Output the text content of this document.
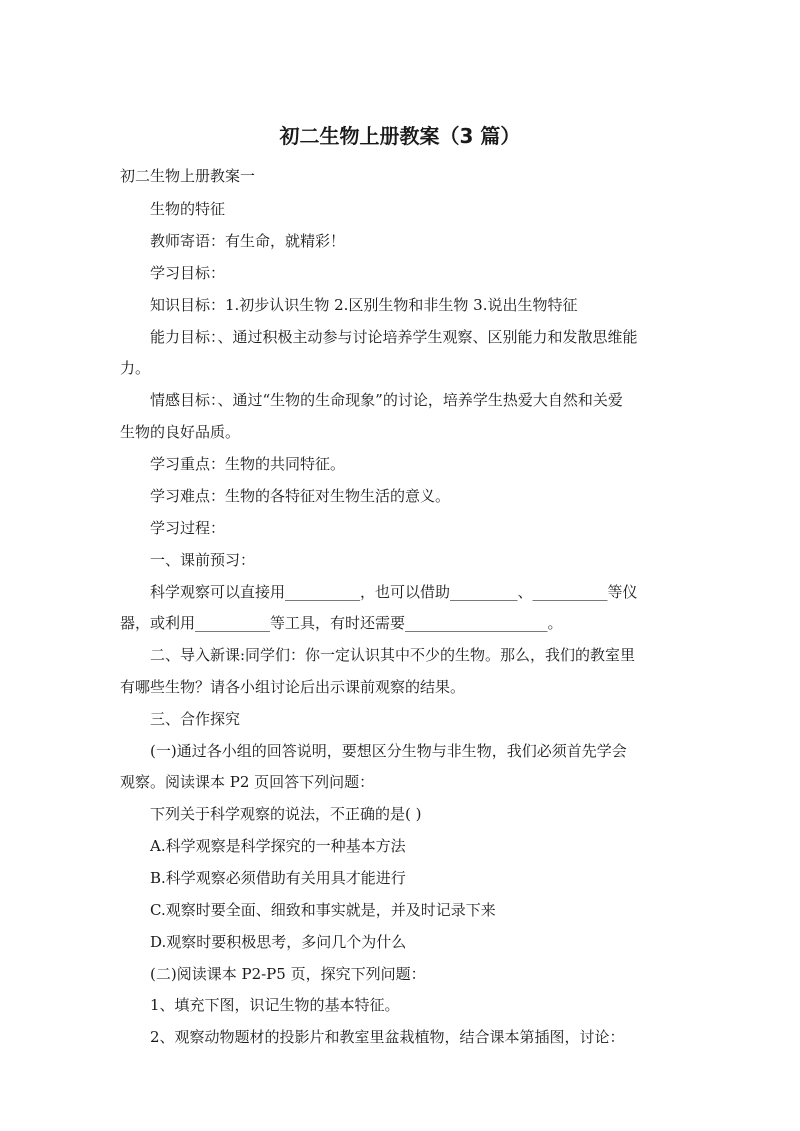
初二生物上册教案（3 篇）
初二生物上册教案一
生物的特征
教师寄语：有生命，就精彩！
学习目标：
知识目标：1.初步认识生物 2.区别生物和非生物 3.说出生物特征
能力目标：、通过积极主动参与讨论培养学生观察、区别能力和发散思维能
力。
情感目标：、通过“生物的生命现象”的讨论，培养学生热爱大自然和关爱
生物的良好品质。
学习重点：生物的共同特征。
学习难点：生物的各特征对生物生活的意义。
学习过程：
一、课前预习：
科学观察可以直接用__________，也可以借助_________、__________等仪
器，或利用__________等工具，有时还需要___________________。
二、导入新课:同学们：你一定认识其中不少的生物。那么，我们的教室里
有哪些生物？请各小组讨论后出示课前观察的结果。
三、合作探究
(一)通过各小组的回答说明，要想区分生物与非生物，我们必须首先学会
观察。阅读课本 P2 页回答下列问题：
下列关于科学观察的说法，不正确的是( )
A.科学观察是科学探究的一种基本方法
B.科学观察必须借助有关用具才能进行
C.观察时要全面、细致和事实就是，并及时记录下来
D.观察时要积极思考，多问几个为什么
(二)阅读课本 P2-P5 页，探究下列问题：
1、填充下图，识记生物的基本特征。
2、观察动物题材的投影片和教室里盆栽植物，结合课本第插图，讨论：
